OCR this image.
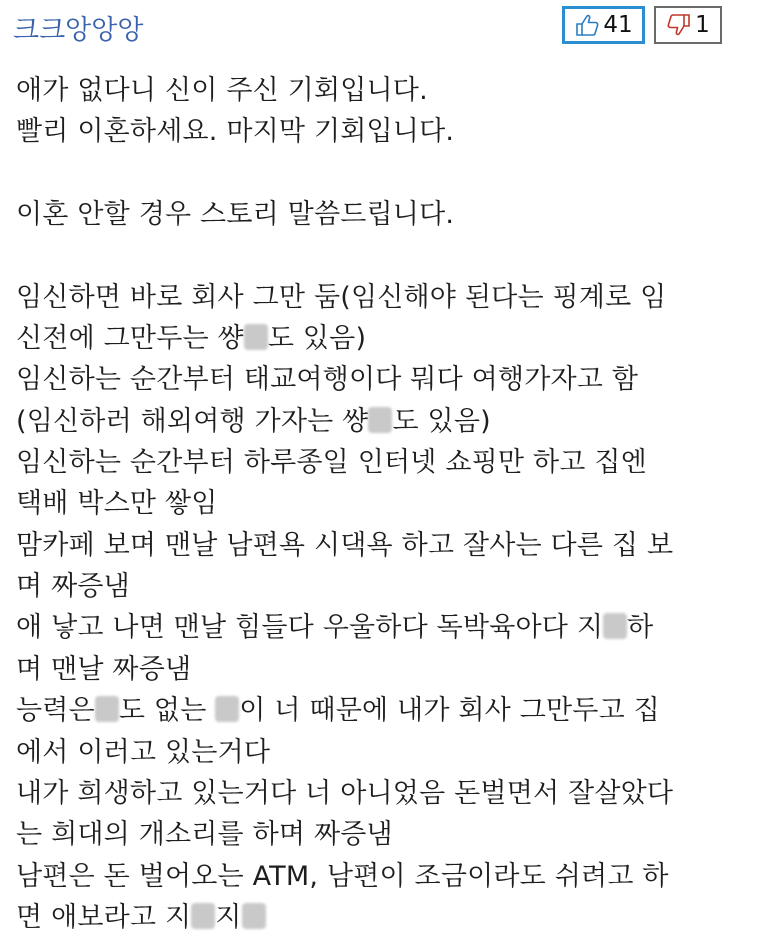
크크앙앙앙	41	1
애가 없다니 신이 주신 기회입니다.
빨리 이혼하세요. 마지막 기회입니다.
이혼 안할 경우 스토리 말씀드립니다.
임신하면 바로 회사 그만 둠(임신해야 된다는 핑계로 임
신전에 그만두는 썅 도 있음)
임신하는 순간부터 태교여행이다 뭐다 여행가자고 함
(임신하러 해외여행 가자는 썅 도 있음)
임신하는 순간부터 하루종일 인터넷 쇼핑만 하고 집엔
택배 박스만 쌓임
맘카페 보며 맨날 남편욕 시댁욕 하고 잘사는 다른 집 보
며 짜증냄
애 낳고 나면 맨날 힘들다 우울하다 독박육아다 지 하
며 맨날 짜증냄
능력은 도 없는 이 너 때문에 내가 회사 그만두고 집
에서 이러고 있는거다
내가 희생하고 있는거다 너 아니었음 돈벌면서 잘살았다
는 희대의 개소리를 하며 짜증냄
남편은 돈 벌어오는 ATM, 남편이 조금이라도 쉬려고 하
면 애보라고 지 지
